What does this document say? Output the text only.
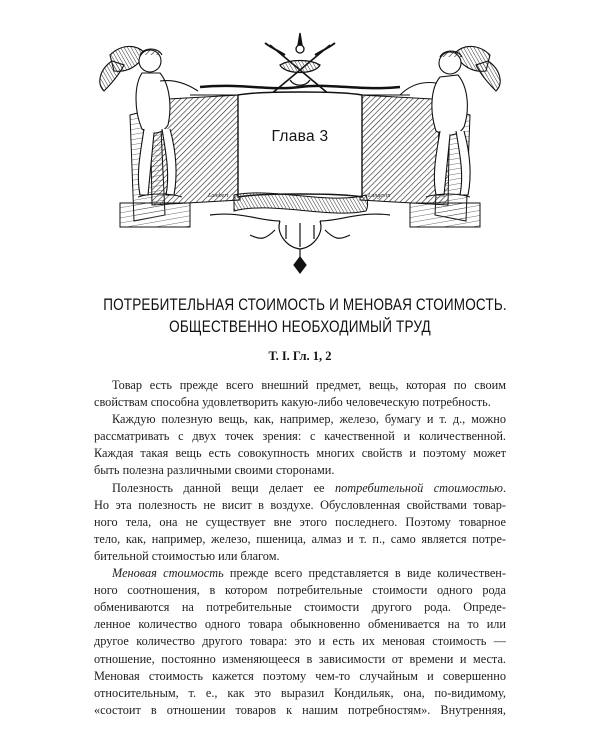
Lambert	Langevin
Глава 3
ПОТРЕБИТЕЛЬНАЯ СТОИМОСТЬ И МЕНОВАЯ СТОИМОСТЬ.
ОБЩЕСТВЕННО НЕОБХОДИМЫЙ ТРУД
Т. I. Гл. 1, 2
Товар есть прежде всего внешний предмет, вещь, которая по своим
свойствам способна удовлетворить какую-либо человеческую потребность.
Каждую полезную вещь, как, например, железо, бумагу и т. д., можно
рассматривать с двух точек зрения: с качественной и количественной.
Каждая такая вещь есть совокупность многих свойств и поэтому может
быть полезна различными своими сторонами.
Полезность данной вещи делает ее потребительной стоимостью.
Но эта полезность не висит в воздухе. Обусловленная свойствами товар-
ного тела, она не существует вне этого последнего. Поэтому товарное
тело, как, например, железо, пшеница, алмаз и т. п., само является потре-
бительной стоимостью или благом.
Меновая стоимость прежде всего представляется в виде количествен-
ного соотношения, в котором потребительные стоимости одного рода
обмениваются на потребительные стоимости другого рода. Опреде-
ленное количество одного товара обыкновенно обменивается на то или
другое количество другого товара: это и есть их меновая стоимость —
отношение, постоянно изменяющееся в зависимости от времени и места.
Меновая стоимость кажется поэтому чем-то случайным и совершенно
относительным, т. е., как это выразил Кондильяк, она, по-видимому,
«состоит в отношении товаров к нашим потребностям». Внутренняя,
